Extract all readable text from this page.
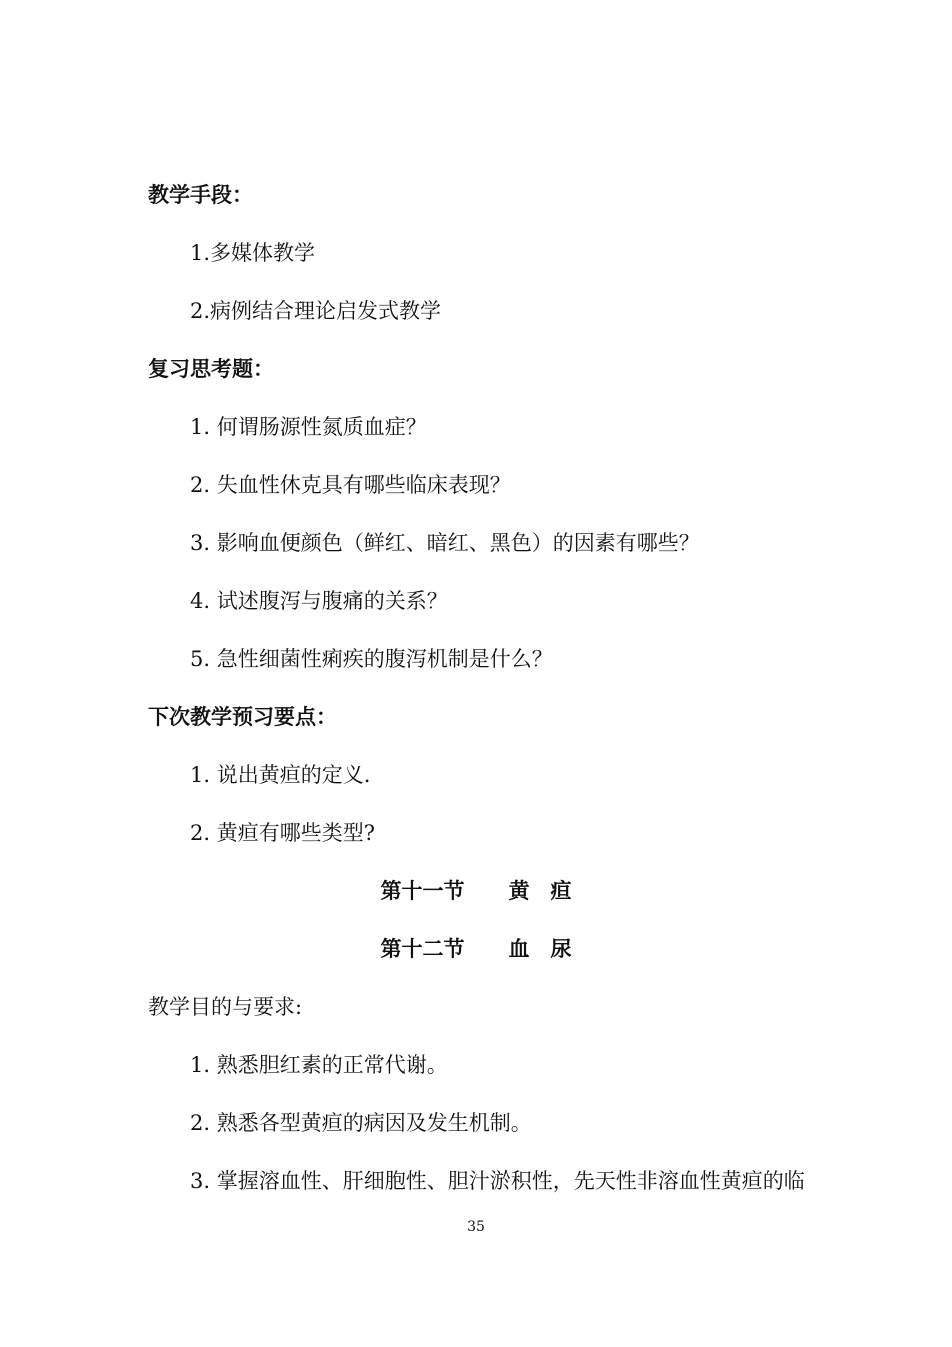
教学手段：
1.多媒体教学
2.病例结合理论启发式教学
复习思考题：
1. 何谓肠源性氮质血症？
2. 失血性休克具有哪些临床表现？
3. 影响血便颜色（鲜红、暗红、黑色）的因素有哪些？
4. 试述腹泻与腹痛的关系？
5. 急性细菌性痢疾的腹泻机制是什么？
下次教学预习要点：
1. 说出黄疸的定义.
2. 黄疸有哪些类型?
第十一节 黄　疸
第十二节 血　尿
教学目的与要求:
1. 熟悉胆红素的正常代谢。
2. 熟悉各型黄疸的病因及发生机制。
3. 掌握溶血性、肝细胞性、胆汁淤积性，先天性非溶血性黄疸的临
35
